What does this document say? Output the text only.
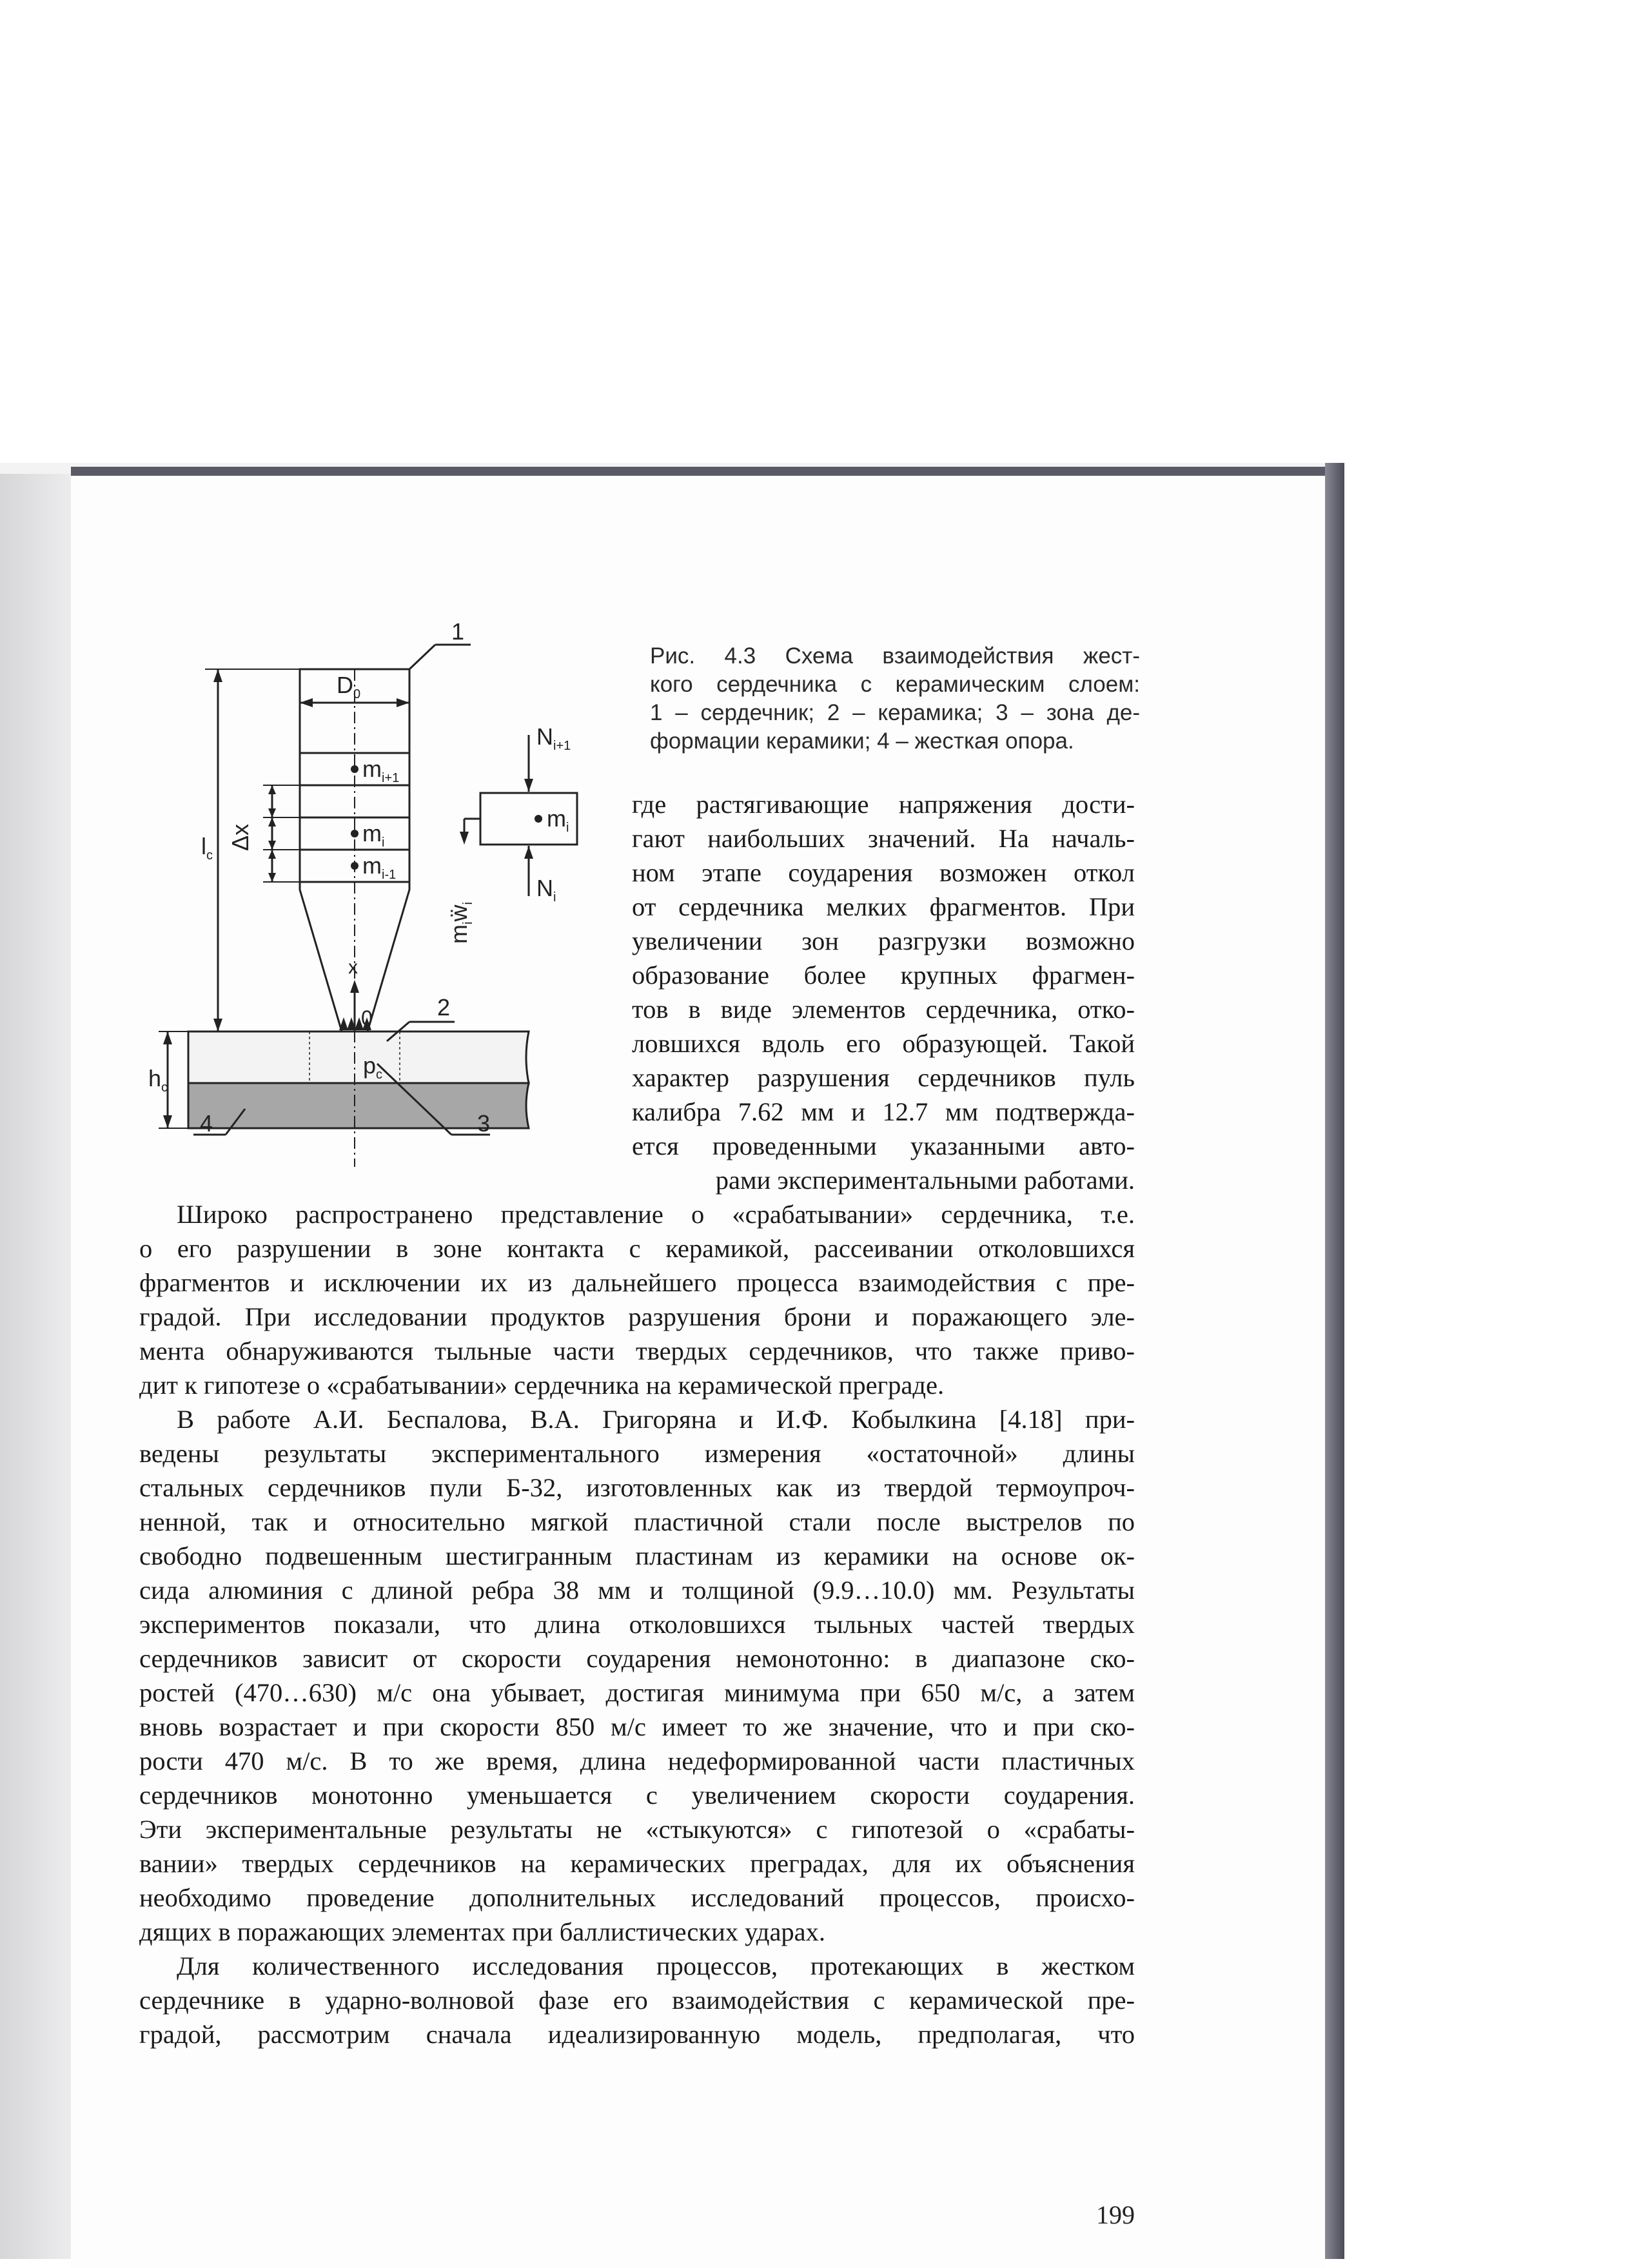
1
2
3
4
$D_0$
$l_c$
Δx
$h_c$
$m_{i+1}$
$m_i$
$m_{i-1}$
x
0
$p_c$
$N_{i+1}$
$N_i$
$m_i$
$m_iẅ_i$
Рис. 4.3 Схема взаимодействия жест-
кого сердечника с керамическим слоем:
1 – сердечник; 2 – керамика; 3 – зона де-
формации керамики; 4 – жесткая опора.
где растягивающие напряжения дости-
гают наибольших значений. На началь-
ном этапе соударения возможен откол
от сердечника мелких фрагментов. При
увеличении зон разгрузки возможно
образование более крупных фрагмен-
тов в виде элементов сердечника, отко-
ловшихся вдоль его образующей. Такой
характер разрушения сердечников пуль
калибра 7.62 мм и 12.7 мм подтвержда-
ется проведенными указанными авто-
рами экспериментальными работами.
Широко распространено представление о «срабатывании» сердечника, т.е.
о его разрушении в зоне контакта с керамикой, рассеивании отколовшихся
фрагментов и исключении их из дальнейшего процесса взаимодействия с пре-
градой. При исследовании продуктов разрушения брони и поражающего эле-
мента обнаруживаются тыльные части твердых сердечников, что также приво-
дит к гипотезе о «срабатывании» сердечника на керамической преграде.
В работе А.И. Беспалова, В.А. Григоряна и И.Ф. Кобылкина [4.18] при-
ведены результаты экспериментального измерения «остаточной» длины
стальных сердечников пули Б-32, изготовленных как из твердой термоупроч-
ненной, так и относительно мягкой пластичной стали после выстрелов по
свободно подвешенным шестигранным пластинам из керамики на основе ок-
сида алюминия с длиной ребра 38 мм и толщиной (9.9…10.0) мм. Результаты
экспериментов показали, что длина отколовшихся тыльных частей твердых
сердечников зависит от скорости соударения немонотонно: в диапазоне ско-
ростей (470…630) м/с она убывает, достигая минимума при 650 м/с, а затем
вновь возрастает и при скорости 850 м/с имеет то же значение, что и при ско-
рости 470 м/с. В то же время, длина недеформированной части пластичных
сердечников монотонно уменьшается с увеличением скорости соударения.
Эти экспериментальные результаты не «стыкуются» с гипотезой о «срабаты-
вании» твердых сердечников на керамических преградах, для их объяснения
необходимо проведение дополнительных исследований процессов, происхо-
дящих в поражающих элементах при баллистических ударах.
Для количественного исследования процессов, протекающих в жестком
сердечнике в ударно-волновой фазе его взаимодействия с керамической пре-
градой, рассмотрим сначала идеализированную модель, предполагая, что
199
